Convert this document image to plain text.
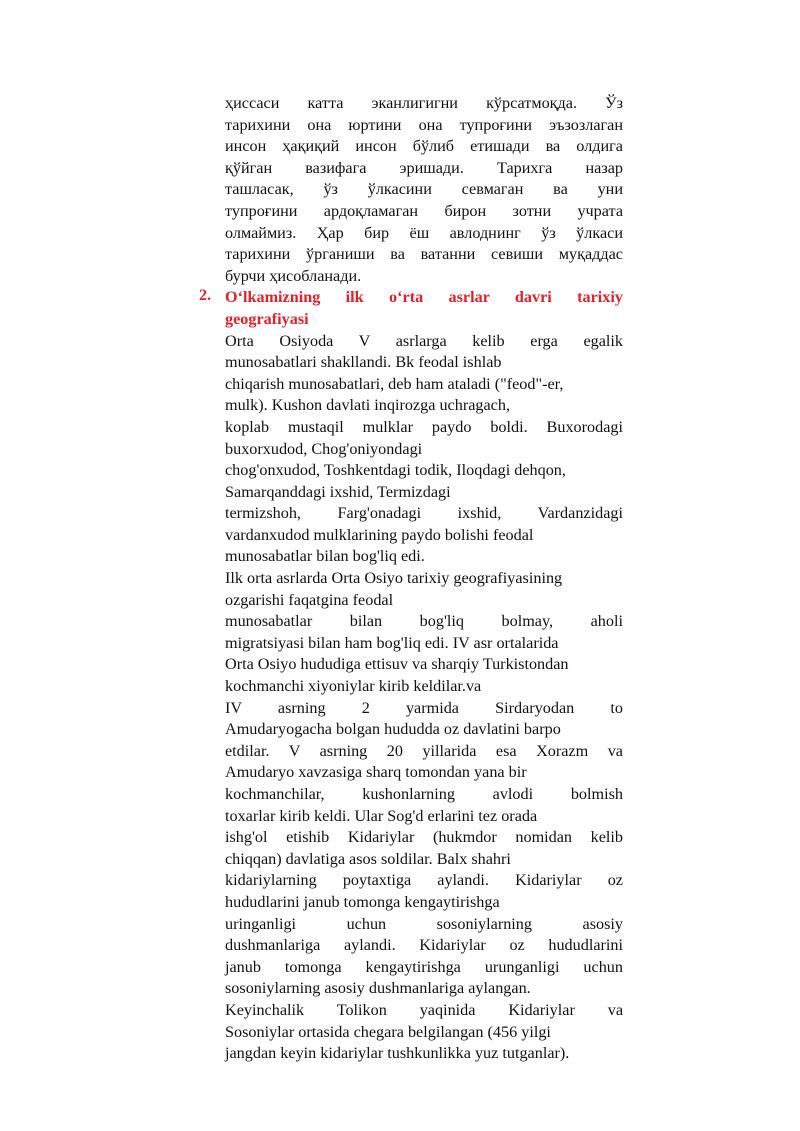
ҳиссаси катта эканлигигни кўрсатмоқда. Ўз
тарихини она юртини она тупроғини эъзозлаган
инсон ҳақиқий инсон бўлиб етишади ва олдига
қўйган вазифага эришади. Тарихга назар
ташласак, ўз ўлкасини севмаган ва уни
тупроғини ардоқламаган бирон зотни учрата
олмаймиз. Ҳар бир ёш авлоднинг ўз ўлкаси
тарихини ўрганиши ва ватанни севиши муқаддас
бурчи ҳисобланади.
2. O‘lkamizning ilk o‘rta asrlar davri tarixiy
geografiyasi
Orta Osiyoda V asrlarga kelib erga egalik
munosabatlari shakllandi. Bk feodal ishlab
chiqarish munosabatlari, deb ham ataladi ("feod"-er,
mulk). Kushon davlati inqirozga uchragach,
koplab mustaqil mulklar paydo boldi. Buxorodagi
buxorxudod, Chog'oniyondagi
chog'onxudod, Toshkentdagi todik, Iloqdagi dehqon,
Samarqanddagi ixshid, Termizdagi
termizshoh, Farg'onadagi ixshid, Vardanzidagi
vardanxudod mulklarining paydo bolishi feodal
munosabatlar bilan bog'liq edi.
Ilk orta asrlarda Orta Osiyo tarixiy geografiyasining
ozgarishi faqatgina feodal
munosabatlar bilan bog'liq bolmay, aholi
migratsiyasi bilan ham bog'liq edi. IV asr ortalarida
Orta Osiyo hududiga ettisuv va sharqiy Turkistondan
kochmanchi xiyoniylar kirib keldilar.va
IV asrning 2 yarmida Sirdaryodan to
Amudaryogacha bolgan hududda oz davlatini barpo
etdilar. V asrning 20 yillarida esa Xorazm va
Amudaryo xavzasiga sharq tomondan yana bir
kochmanchilar, kushonlarning avlodi bolmish
toxarlar kirib keldi. Ular Sog'd erlarini tez orada
ishg'ol etishib Kidariylar (hukmdor nomidan kelib
chiqqan) davlatiga asos soldilar. Balx shahri
kidariylarning poytaxtiga aylandi. Kidariylar oz
hududlarini janub tomonga kengaytirishga
uringanligi uchun sosoniylarning asosiy
dushmanlariga aylandi. Kidariylar oz hududlarini
janub tomonga kengaytirishga urunganligi uchun
sosoniylarning asosiy dushmanlariga aylangan.
Keyinchalik Tolikon yaqinida Kidariylar va
Sosoniylar ortasida chegara belgilangan (456 yilgi
jangdan keyin kidariylar tushkunlikka yuz tutganlar).
